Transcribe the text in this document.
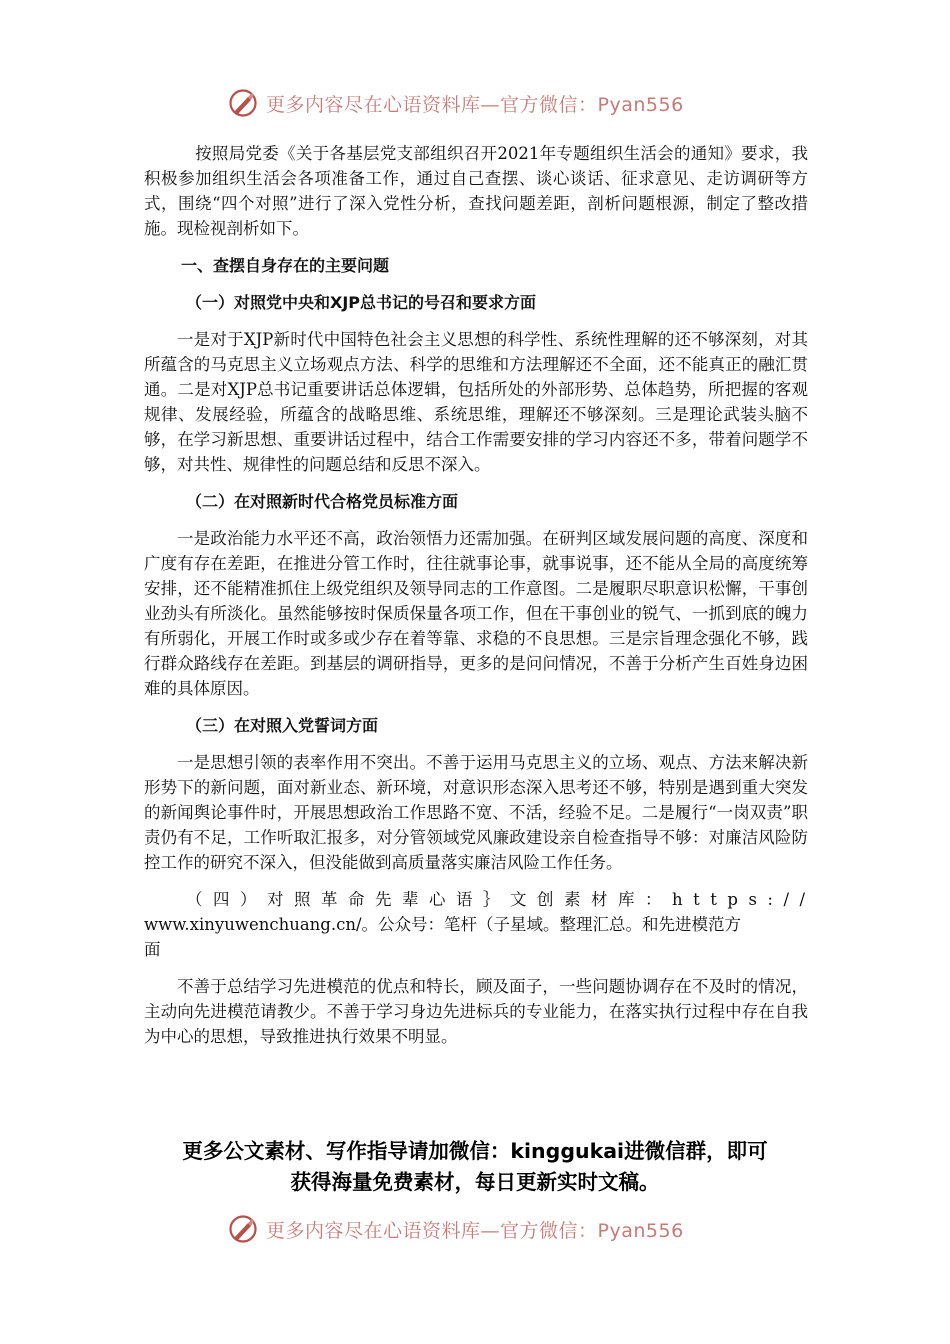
更多内容尽在心语资料库—官方微信：Pyan556

按照局党委《关于各基层党支部组织召开2021年专题组织生活会的通知》要求，我积极参加组织生活会各项准备工作，通过自己查摆、谈心谈话、征求意见、走访调研等方式，围绕“四个对照”进行了深入党性分析，查找问题差距，剖析问题根源，制定了整改措施。现检视剖析如下。

一、查摆自身存在的主要问题

（一）对照党中央和XJP总书记的号召和要求方面

一是对于XJP新时代中国特色社会主义思想的科学性、系统性理解的还不够深刻，对其所蕴含的马克思主义立场观点方法、科学的思维和方法理解还不全面，还不能真正的融汇贯通。二是对XJP总书记重要讲话总体逻辑，包括所处的外部形势、总体趋势，所把握的客观规律、发展经验，所蕴含的战略思维、系统思维，理解还不够深刻。三是理论武装头脑不够，在学习新思想、重要讲话过程中，结合工作需要安排的学习内容还不多，带着问题学不够，对共性、规律性的问题总结和反思不深入。

（二）在对照新时代合格党员标准方面

一是政治能力水平还不高，政治领悟力还需加强。在研判区域发展问题的高度、深度和广度有存在差距，在推进分管工作时，往往就事论事，就事说事，还不能从全局的高度统筹安排，还不能精准抓住上级党组织及领导同志的工作意图。二是履职尽职意识松懈，干事创业劲头有所淡化。虽然能够按时保质保量各项工作，但在干事创业的锐气、一抓到底的魄力有所弱化，开展工作时或多或少存在着等靠、求稳的不良思想。三是宗旨理念强化不够，践行群众路线存在差距。到基层的调研指导，更多的是问问情况，不善于分析产生百姓身边困难的具体原因。

（三）在对照入党誓词方面

一是思想引领的表率作用不突出。不善于运用马克思主义的立场、观点、方法来解决新形势下的新问题，面对新业态、新环境，对意识形态深入思考还不够，特别是遇到重大突发的新闻舆论事件时，开展思想政治工作思路不宽、不活，经验不足。二是履行“一岗双责”职责仍有不足，工作听取汇报多，对分管领域党风廉政建设亲自检查指导不够：对廉洁风险防控工作的研究不深入，但没能做到高质量落实廉洁风险工作任务。

（四）对照革命先辈心语｝文创素材库：https://

www.xinyuwenchuang.cn/。公众号：笔杆（子星域。整理汇总。和先进模范方

面

不善于总结学习先进模范的优点和特长，顾及面子，一些问题协调存在不及时的情况，主动向先进模范请教少。不善于学习身边先进标兵的专业能力，在落实执行过程中存在自我为中心的思想，导致推进执行效果不明显。

更多公文素材、写作指导请加微信：kinggukai进微信群，即可
获得海量免费素材，每日更新实时文稿。
更多内容尽在心语资料库—官方微信：Pyan556
